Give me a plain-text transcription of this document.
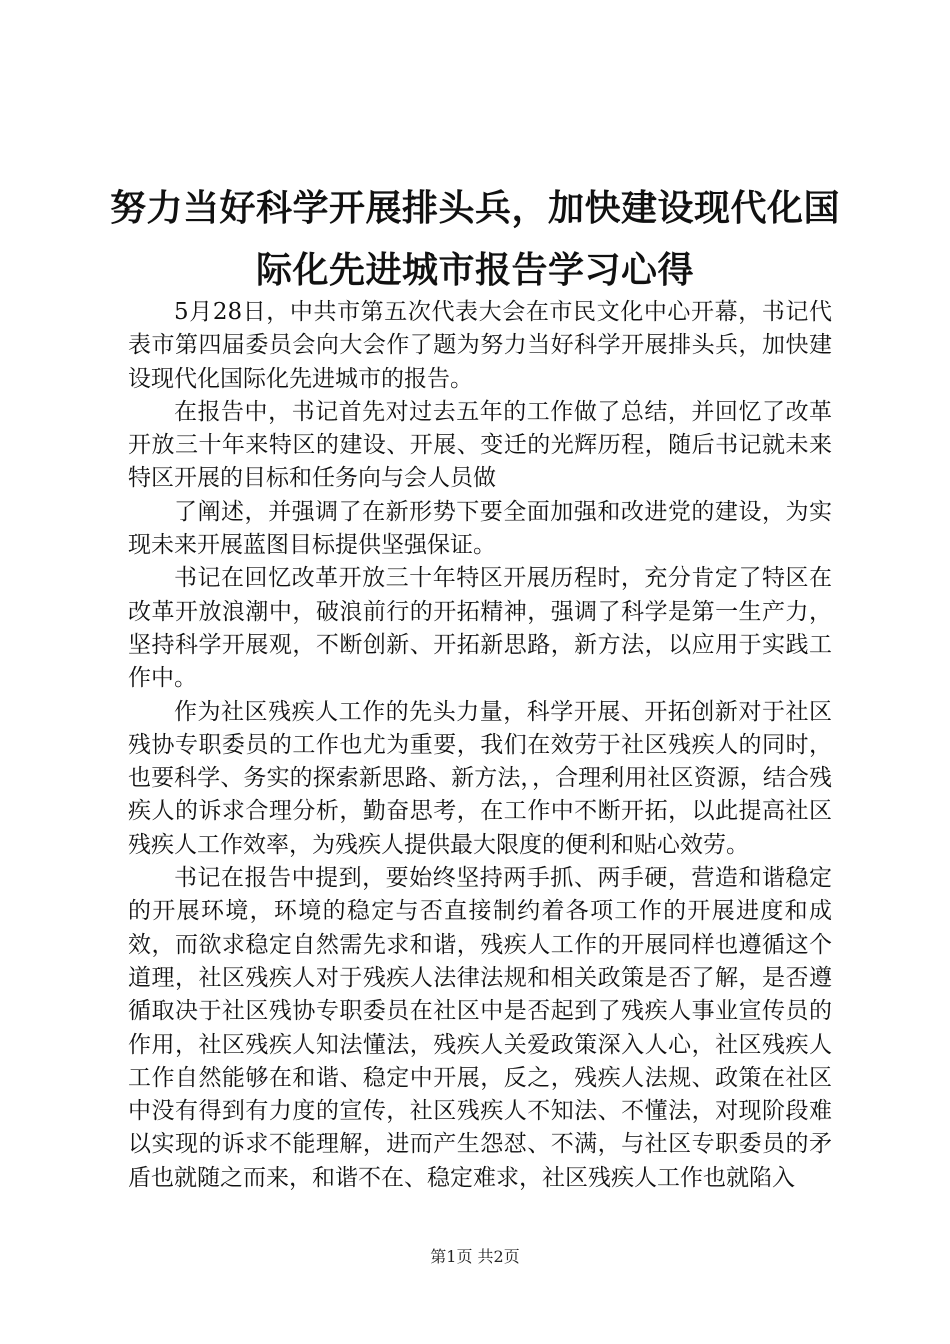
努力当好科学开展排头兵，加快建设现代化国
际化先进城市报告学习心得

5月28日，中共市第五次代表大会在市民文化中心开幕，书记代表市第四届委员会向大会作了题为努力当好科学开展排头兵，加快建设现代化国际化先进城市的报告。

在报告中，书记首先对过去五年的工作做了总结，并回忆了改革开放三十年来特区的建设、开展、变迁的光辉历程，随后书记就未来特区开展的目标和任务向与会人员做

了阐述，并强调了在新形势下要全面加强和改进党的建设，为实现未来开展蓝图目标提供坚强保证。

书记在回忆改革开放三十年特区开展历程时，充分肯定了特区在改革开放浪潮中，破浪前行的开拓精神，强调了科学是第一生产力，坚持科学开展观，不断创新、开拓新思路，新方法，以应用于实践工作中。

作为社区残疾人工作的先头力量，科学开展、开拓创新对于社区残协专职委员的工作也尤为重要，我们在效劳于社区残疾人的同时，也要科学、务实的探索新思路、新方法，，合理利用社区资源，结合残疾人的诉求合理分析，勤奋思考，在工作中不断开拓，以此提高社区残疾人工作效率，为残疾人提供最大限度的便利和贴心效劳。

书记在报告中提到，要始终坚持两手抓、两手硬，营造和谐稳定的开展环境，环境的稳定与否直接制约着各项工作的开展进度和成效，而欲求稳定自然需先求和谐，残疾人工作的开展同样也遵循这个道理，社区残疾人对于残疾人法律法规和相关政策是否了解，是否遵循取决于社区残协专职委员在社区中是否起到了残疾人事业宣传员的作用，社区残疾人知法懂法，残疾人关爱政策深入人心，社区残疾人工作自然能够在和谐、稳定中开展，反之，残疾人法规、政策在社区中没有得到有力度的宣传，社区残疾人不知法、不懂法，对现阶段难以实现的诉求不能理解，进而产生怨怼、不满，与社区专职委员的矛盾也就随之而来，和谐不在、稳定难求，社区残疾人工作也就陷入

第1页 共2页
